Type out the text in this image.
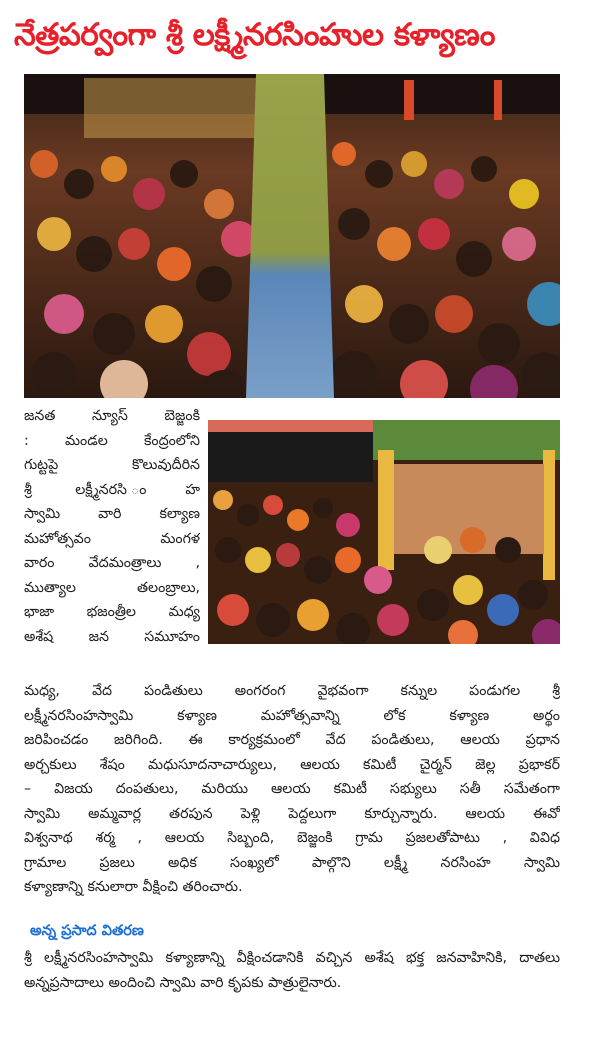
నేత్రపర్వంగా శ్రీ లక్ష్మీనరసింహుల కళ్యాణం
జనత న్యూస్ బెజ్జంకి
: మండల కేంద్రంలోని
గుట్టపై కొలువుదీరిన
శ్రీ లక్ష్మీనరసి ంహ
స్వామి వారి కల్యాణ
మహోత్సవం మంగళ
వారం వేదమంత్రాలు ,
ముత్యాల తలంబ్రాలు,
భాజా భజంత్రీల మధ్య
అశేష జన సమూహం
మధ్య, వేద పండితులు అంగరంగ వైభవంగా కన్నుల పండుగల శ్రీ
లక్ష్మీనరసింహస్వామి కళ్యాణ మహోత్సవాన్ని లోక కళ్యాణ అర్థం
జరిపించడం జరిగింది. ఈ కార్యక్రమంలో వేద పండితులు, ఆలయ ప్రధాన
అర్చకులు శేషం మధుసూదనాచార్యులు, ఆలయ కమిటీ చైర్మన్ జెల్ల ప్రభాకర్
– విజయ దంపతులు, మరియు ఆలయ కమిటీ సభ్యులు సతీ సమేతంగా
స్వామి అమ్మవార్ల తరపున పెళ్లి పెద్దలుగా కూర్చున్నారు. ఆలయ ఈవో
విశ్వనాథ శర్మ , ఆలయ సిబ్బంది, బెజ్జంకి గ్రామ ప్రజలతోపాటు , వివిధ
గ్రామాల ప్రజలు అధిక సంఖ్యలో పాల్గొని లక్ష్మీ నరసింహ స్వామి
కళ్యాణాన్ని కనులారా వీక్షించి తరించారు.
అన్న ప్రసాద వితరణ
శ్రీ లక్ష్మీనరసింహస్వామి కళ్యాణాన్ని వీక్షించడానికి వచ్చిన అశేష భక్త జనవాహినికి, దాతలు అన్నప్రసాదాలు అందించి స్వామి వారి కృపకు పాత్రులైనారు.
